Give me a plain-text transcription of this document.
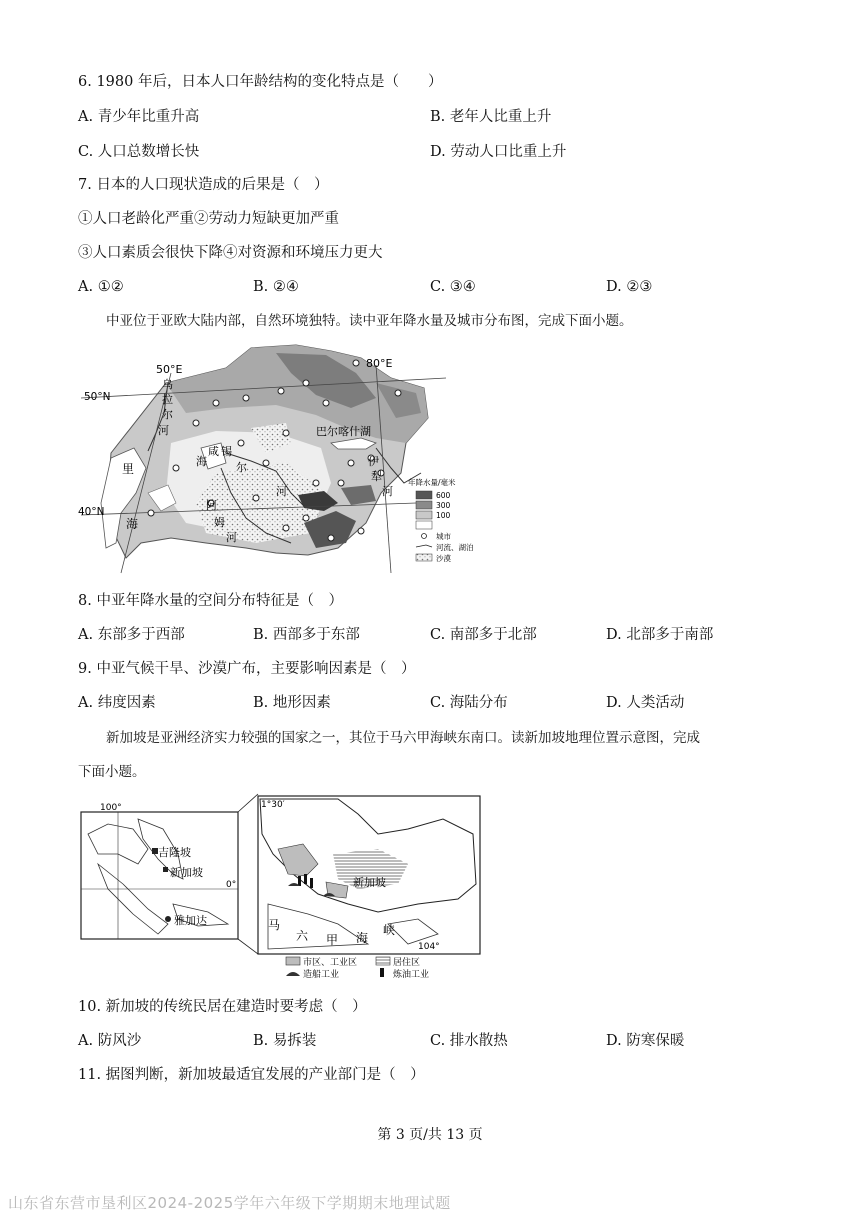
6. 1980 年后，日本人口年龄结构的变化特点是（　　）
A. 青少年比重升高	B. 老年人比重上升
C. 人口总数增长快	D. 劳动人口比重上升
7. 日本的人口现状造成的后果是（　）
①人口老龄化严重②劳动力短缺更加严重
③人口素质会很快下降④对资源和环境压力更大
A. ①②	B. ②④	C. ③④	D. ②③
中亚位于亚欧大陆内部，自然环境独特。读中亚年降水量及城市分布图，完成下面小题。
50°E	80°E
50°N
40°N
乌
拉
尔
河	巴尔喀什湖
伊
犁
河
里
海
咸
海
锡
尔
河
阿
姆
河
年降水量/毫米
600
300
100
城市
河流、湖泊
沙漠
8. 中亚年降水量的空间分布特征是（　）
A. 东部多于西部	B. 西部多于东部	C. 南部多于北部	D. 北部多于南部
9. 中亚气候干旱、沙漠广布，主要影响因素是（　）
A. 纬度因素	B. 地形因素	C. 海陆分布	D. 人类活动
新加坡是亚洲经济实力较强的国家之一，其位于马六甲海峡东南口。读新加坡地理位置示意图，完成
下面小题。
100°
吉隆坡
新加坡
0°
雅加达
1°30′
新加坡
马
六 甲 海
峡
104°
市区、工业区	居住区
造船工业	炼油工业
10. 新加坡的传统民居在建造时要考虑（　）
A. 防风沙	B. 易拆装	C. 排水散热	D. 防寒保暖
11. 据图判断，新加坡最适宜发展的产业部门是（　）
第 3 页/共 13 页
山东省东营市垦利区2024-2025学年六年级下学期期末地理试题
